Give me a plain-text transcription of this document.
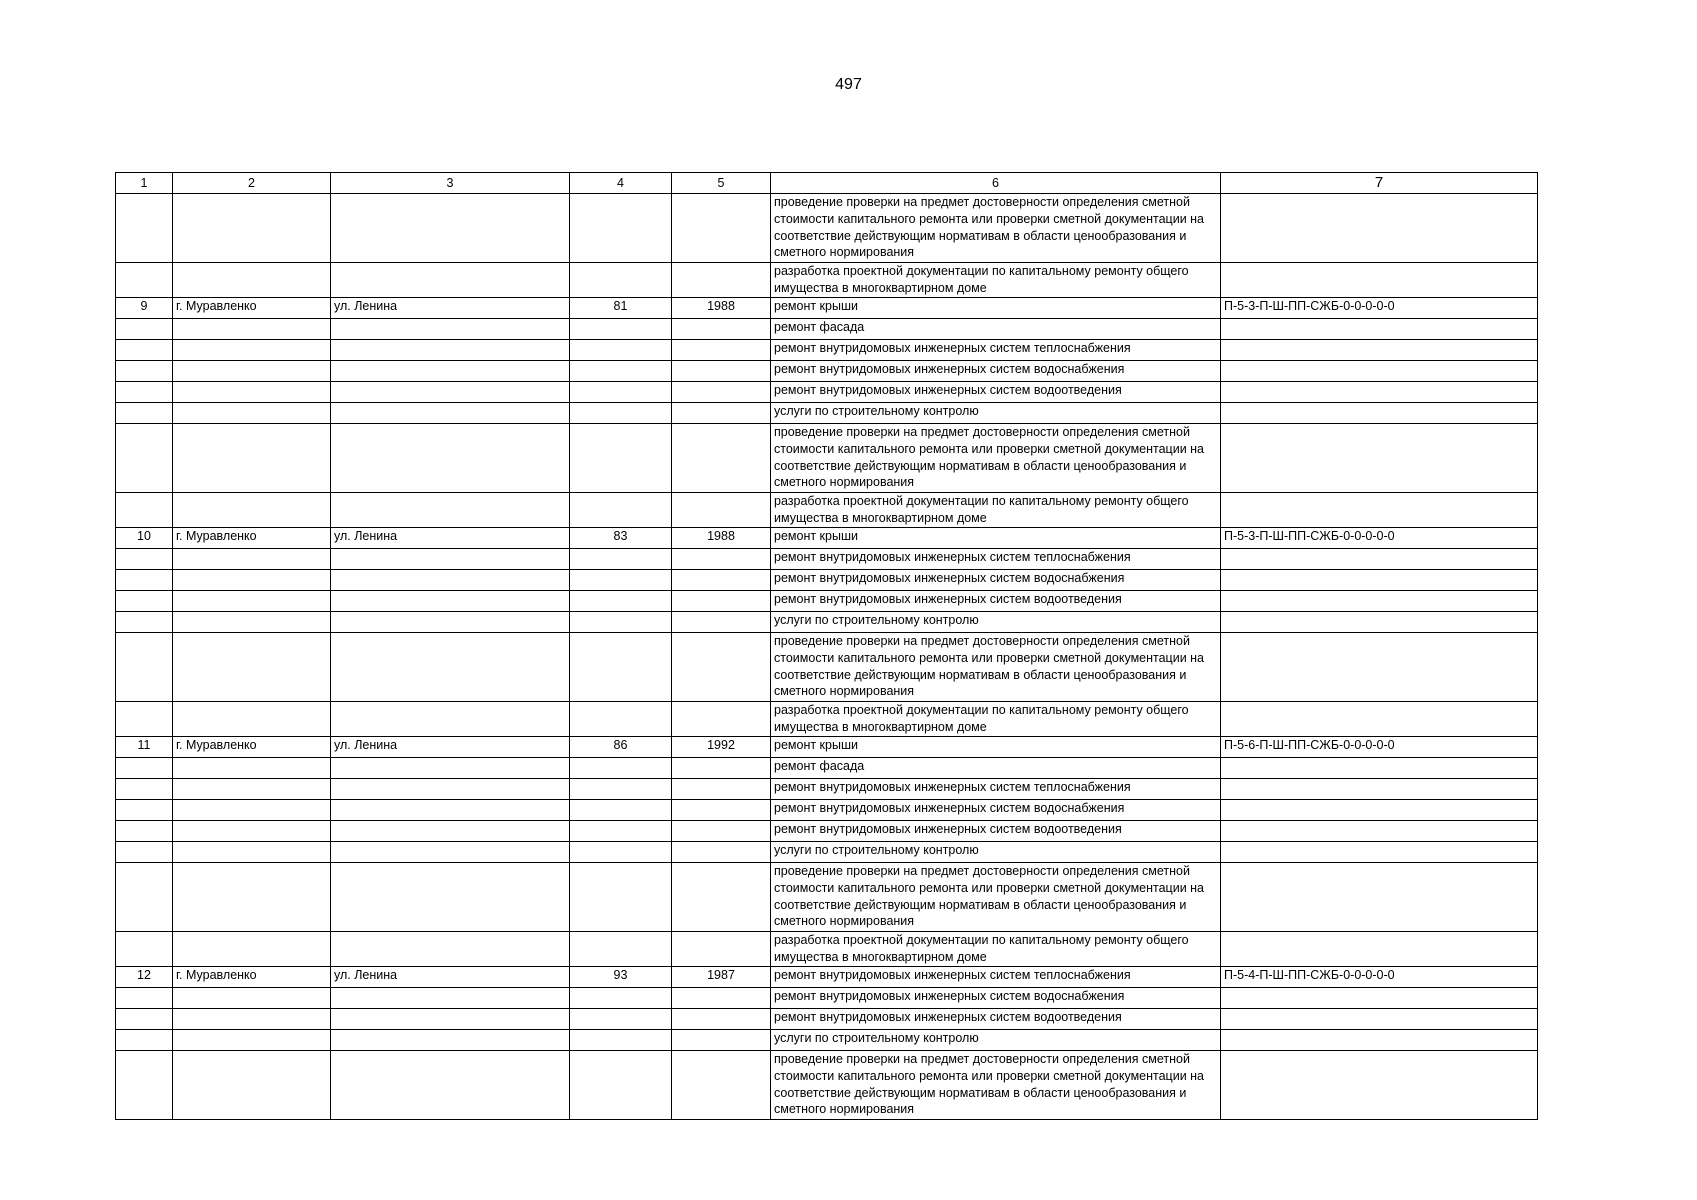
497
1	2	3	4	5	6	7
					проведение проверки на предмет достоверности определения сметной стоимости капитального ремонта или проверки сметной документации на соответствие действующим нормативам в области ценообразования и сметного нормирования	
					разработка проектной документации по капитальному ремонту общего имущества в многоквартирном доме	
9	г. Муравленко	ул. Ленина	81	1988	ремонт крыши	П-5-3-П-Ш-ПП-СЖБ-0-0-0-0-0
					ремонт фасада	
					ремонт внутридомовых инженерных систем теплоснабжения	
					ремонт внутридомовых инженерных систем водоснабжения	
					ремонт внутридомовых инженерных систем водоотведения	
					услуги по строительному контролю	
					проведение проверки на предмет достоверности определения сметной стоимости капитального ремонта или проверки сметной документации на соответствие действующим нормативам в области ценообразования и сметного нормирования	
					разработка проектной документации по капитальному ремонту общего имущества в многоквартирном доме	
10	г. Муравленко	ул. Ленина	83	1988	ремонт крыши	П-5-3-П-Ш-ПП-СЖБ-0-0-0-0-0
					ремонт внутридомовых инженерных систем теплоснабжения	
					ремонт внутридомовых инженерных систем водоснабжения	
					ремонт внутридомовых инженерных систем водоотведения	
					услуги по строительному контролю	
					проведение проверки на предмет достоверности определения сметной стоимости капитального ремонта или проверки сметной документации на соответствие действующим нормативам в области ценообразования и сметного нормирования	
					разработка проектной документации по капитальному ремонту общего имущества в многоквартирном доме	
11	г. Муравленко	ул. Ленина	86	1992	ремонт крыши	П-5-6-П-Ш-ПП-СЖБ-0-0-0-0-0
					ремонт фасада	
					ремонт внутридомовых инженерных систем теплоснабжения	
					ремонт внутридомовых инженерных систем водоснабжения	
					ремонт внутридомовых инженерных систем водоотведения	
					услуги по строительному контролю	
					проведение проверки на предмет достоверности определения сметной стоимости капитального ремонта или проверки сметной документации на соответствие действующим нормативам в области ценообразования и сметного нормирования	
					разработка проектной документации по капитальному ремонту общего имущества в многоквартирном доме	
12	г. Муравленко	ул. Ленина	93	1987	ремонт внутридомовых инженерных систем теплоснабжения	П-5-4-П-Ш-ПП-СЖБ-0-0-0-0-0
					ремонт внутридомовых инженерных систем водоснабжения	
					ремонт внутридомовых инженерных систем водоотведения	
					услуги по строительному контролю	
					проведение проверки на предмет достоверности определения сметной стоимости капитального ремонта или проверки сметной документации на соответствие действующим нормативам в области ценообразования и сметного нормирования	
